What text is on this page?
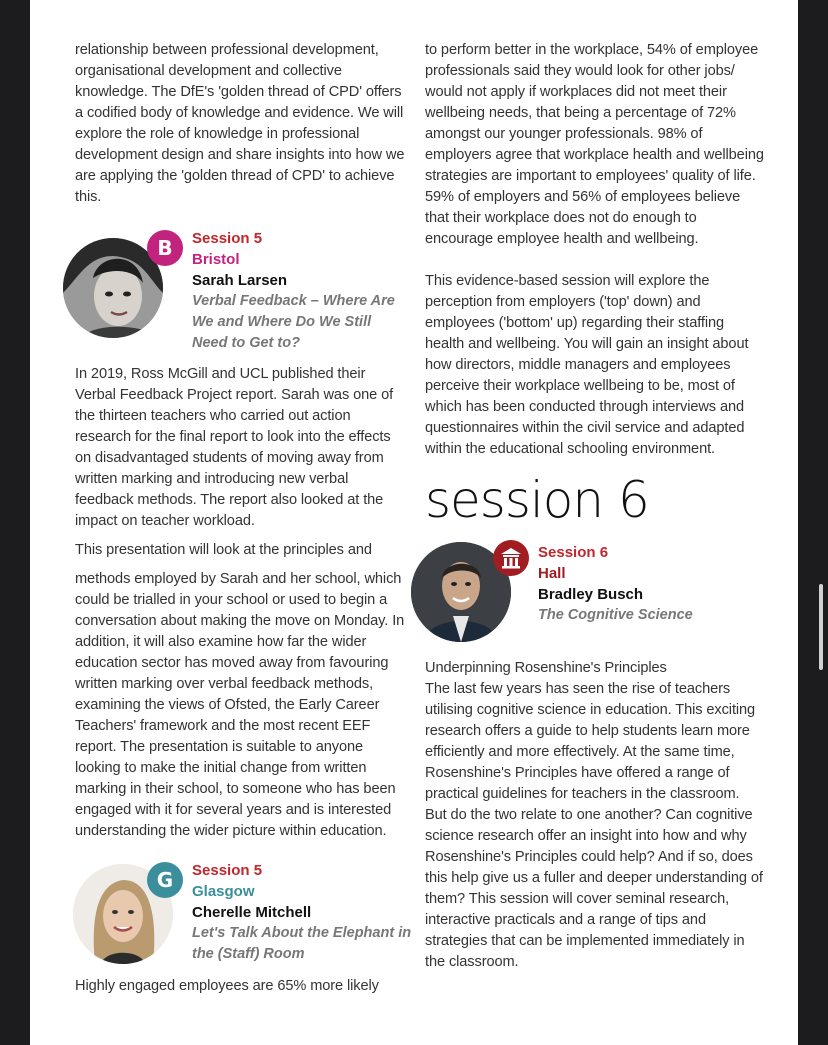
relationship between professional development, organisational development and collective knowledge. The DfE's 'golden thread of CPD' offers a codified body of knowledge and evidence. We will explore the role of knowledge in professional development design and share insights into how we are applying the 'golden thread of CPD' to achieve this.

B	Session 5
Bristol
Sarah Larsen
Verbal Feedback – Where Are We and Where Do We Still Need to Get to?

In 2019, Ross McGill and UCL published their Verbal Feedback Project report. Sarah was one of the thirteen teachers who carried out action research for the final report to look into the effects on disadvantaged students of moving away from written marking and introducing new verbal feedback methods. The report also looked at the impact on teacher workload.

This presentation will look at the principles and

methods employed by Sarah and her school, which could be trialled in your school or used to begin a conversation about making the move on Monday. In addition, it will also examine how far the wider education sector has moved away from favouring written marking over verbal feedback methods, examining the views of Ofsted, the Early Career Teachers' framework and the most recent EEF report. The presentation is suitable to anyone looking to make the initial change from written marking in their school, to someone who has been engaged with it for several years and is interested understanding the wider picture within education.

G	Session 5
Glasgow
Cherelle Mitchell
Let's Talk About the Elephant in the (Staff) Room

Highly engaged employees are 65% more likely

to perform better in the workplace, 54% of employee professionals said they would look for other jobs/ would not apply if workplaces did not meet their wellbeing needs, that being a percentage of 72% amongst our younger professionals. 98% of employers agree that workplace health and wellbeing strategies are important to employees' quality of life. 59% of employers and 56% of employees believe that their workplace does not do enough to encourage employee health and wellbeing.

This evidence-based session will explore the perception from employers ('top' down) and employees ('bottom' up) regarding their staffing health and wellbeing. You will gain an insight about how directors, middle managers and employees perceive their workplace wellbeing to be, most of which has been conducted through interviews and questionnaires within the civil service and adapted within the educational schooling environment.

session 6
Session 6
Hall
Bradley Busch
The Cognitive Science

Underpinning Rosenshine's Principles

The last few years has seen the rise of teachers utilising cognitive science in education. This exciting research offers a guide to help students learn more efficiently and more effectively. At the same time, Rosenshine's Principles have offered a range of practical guidelines for teachers in the classroom. But do the two relate to one another? Can cognitive science research offer an insight into how and why Rosenshine's Principles could help? And if so, does this help give us a fuller and deeper understanding of them? This session will cover seminal research, interactive practicals and a range of tips and strategies that can be implemented immediately in the classroom.
